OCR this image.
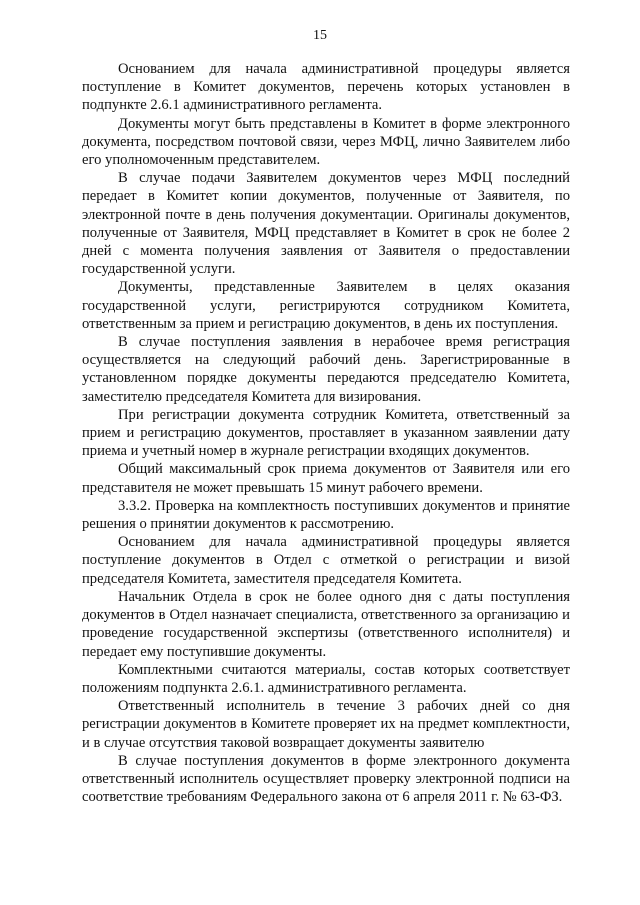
15

Основанием для начала административной процедуры является поступление в Комитет документов, перечень которых установлен в подпункте 2.6.1 административного регламента.

Документы могут быть представлены в Комитет в форме электронного документа, посредством почтовой связи, через МФЦ, лично Заявителем либо его уполномоченным представителем.

В случае подачи Заявителем документов через МФЦ последний передает в Комитет копии документов, полученные от Заявителя, по электронной почте в день получения документации. Оригиналы документов, полученные от Заявителя, МФЦ представляет в Комитет в срок не более 2 дней с момента получения заявления от Заявителя о предоставлении государственной услуги.

Документы, представленные Заявителем в целях оказания государственной услуги, регистрируются сотрудником Комитета, ответственным за прием и регистрацию документов, в день их поступления.

В случае поступления заявления в нерабочее время регистрация осуществляется на следующий рабочий день. Зарегистрированные в установленном порядке документы передаются председателю Комитета, заместителю председателя Комитета для визирования.

При регистрации документа сотрудник Комитета, ответственный за прием и регистрацию документов, проставляет в указанном заявлении дату приема и учетный номер в журнале регистрации входящих документов.

Общий максимальный срок приема документов от Заявителя или его представителя не может превышать 15 минут рабочего времени.

3.3.2. Проверка на комплектность поступивших документов и принятие решения о принятии документов к рассмотрению.

Основанием для начала административной процедуры является поступление документов в Отдел с отметкой о регистрации и визой председателя Комитета, заместителя председателя Комитета.

Начальник Отдела в срок не более одного дня с даты поступления документов в Отдел назначает специалиста, ответственного за организацию и проведение государственной экспертизы (ответственного исполнителя) и передает ему поступившие документы.

Комплектными считаются материалы, состав которых соответствует положениям подпункта 2.6.1. административного регламента.

Ответственный исполнитель в течение 3 рабочих дней со дня регистрации документов в Комитете проверяет их на предмет комплектности, и в случае отсутствия таковой возвращает документы заявителю

В случае поступления документов в форме электронного документа ответственный исполнитель осуществляет проверку электронной подписи на соответствие требованиям Федерального закона от 6 апреля 2011 г. № 63-ФЗ.
